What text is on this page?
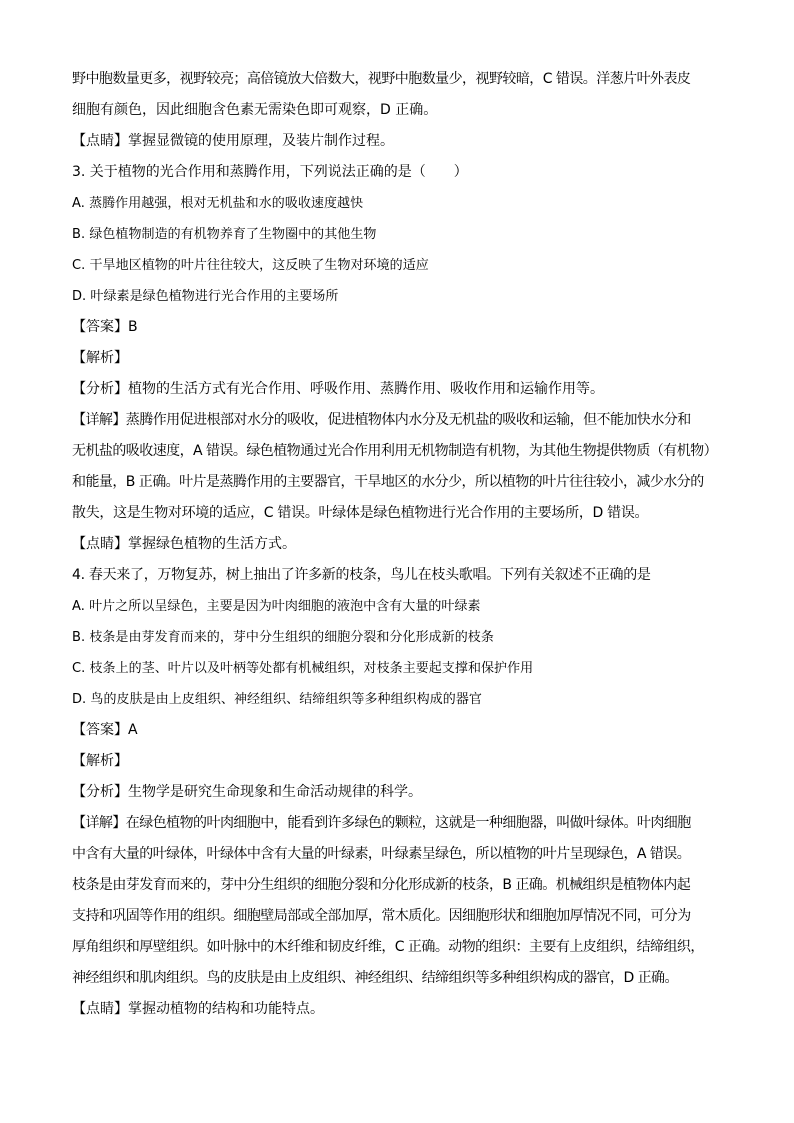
野中胞数量更多，视野较亮；高倍镜放大倍数大，视野中胞数量少，视野较暗，C 错误。洋葱片叶外表皮
细胞有颜色，因此细胞含色素无需染色即可观察，D 正确。
【点睛】掌握显微镜的使用原理，及装片制作过程。
3. 关于植物的光合作用和蒸腾作用，下列说法正确的是（　　）
A. 蒸腾作用越强，根对无机盐和水的吸收速度越快
B. 绿色植物制造的有机物养育了生物圈中的其他生物
C. 干旱地区植物的叶片往往较大，这反映了生物对环境的适应
D. 叶绿素是绿色植物进行光合作用的主要场所
【答案】B
【解析】
【分析】植物的生活方式有光合作用、呼吸作用、蒸腾作用、吸收作用和运输作用等。
【详解】蒸腾作用促进根部对水分的吸收，促进植物体内水分及无机盐的吸收和运输，但不能加快水分和
无机盐的吸收速度，A 错误。绿色植物通过光合作用利用无机物制造有机物，为其他生物提供物质（有机物）
和能量，B 正确。叶片是蒸腾作用的主要器官，干旱地区的水分少，所以植物的叶片往往较小，减少水分的
散失，这是生物对环境的适应，C 错误。叶绿体是绿色植物进行光合作用的主要场所，D 错误。
【点睛】掌握绿色植物的生活方式。
4. 春天来了，万物复苏，树上抽出了许多新的枝条，鸟儿在枝头歌唱。下列有关叙述不正确的是
A. 叶片之所以呈绿色，主要是因为叶肉细胞的液泡中含有大量的叶绿素
B. 枝条是由芽发育而来的，芽中分生组织的细胞分裂和分化形成新的枝条
C. 枝条上的茎、叶片以及叶柄等处都有机械组织，对枝条主要起支撑和保护作用
D. 鸟的皮肤是由上皮组织、神经组织、结缔组织等多种组织构成的器官
【答案】A
【解析】
【分析】生物学是研究生命现象和生命活动规律的科学。
【详解】在绿色植物的叶肉细胞中，能看到许多绿色的颗粒，这就是一种细胞器，叫做叶绿体。叶肉细胞
中含有大量的叶绿体，叶绿体中含有大量的叶绿素，叶绿素呈绿色，所以植物的叶片呈现绿色，A 错误。
枝条是由芽发育而来的，芽中分生组织的细胞分裂和分化形成新的枝条，B 正确。机械组织是植物体内起
支持和巩固等作用的组织。细胞壁局部或全部加厚，常木质化。因细胞形状和细胞加厚情况不同，可分为
厚角组织和厚壁组织。如叶脉中的木纤维和韧皮纤维，C 正确。动物的组织：主要有上皮组织，结缔组织，
神经组织和肌肉组织。鸟的皮肤是由上皮组织、神经组织、结缔组织等多种组织构成的器官，D 正确。
【点睛】掌握动植物的结构和功能特点。
